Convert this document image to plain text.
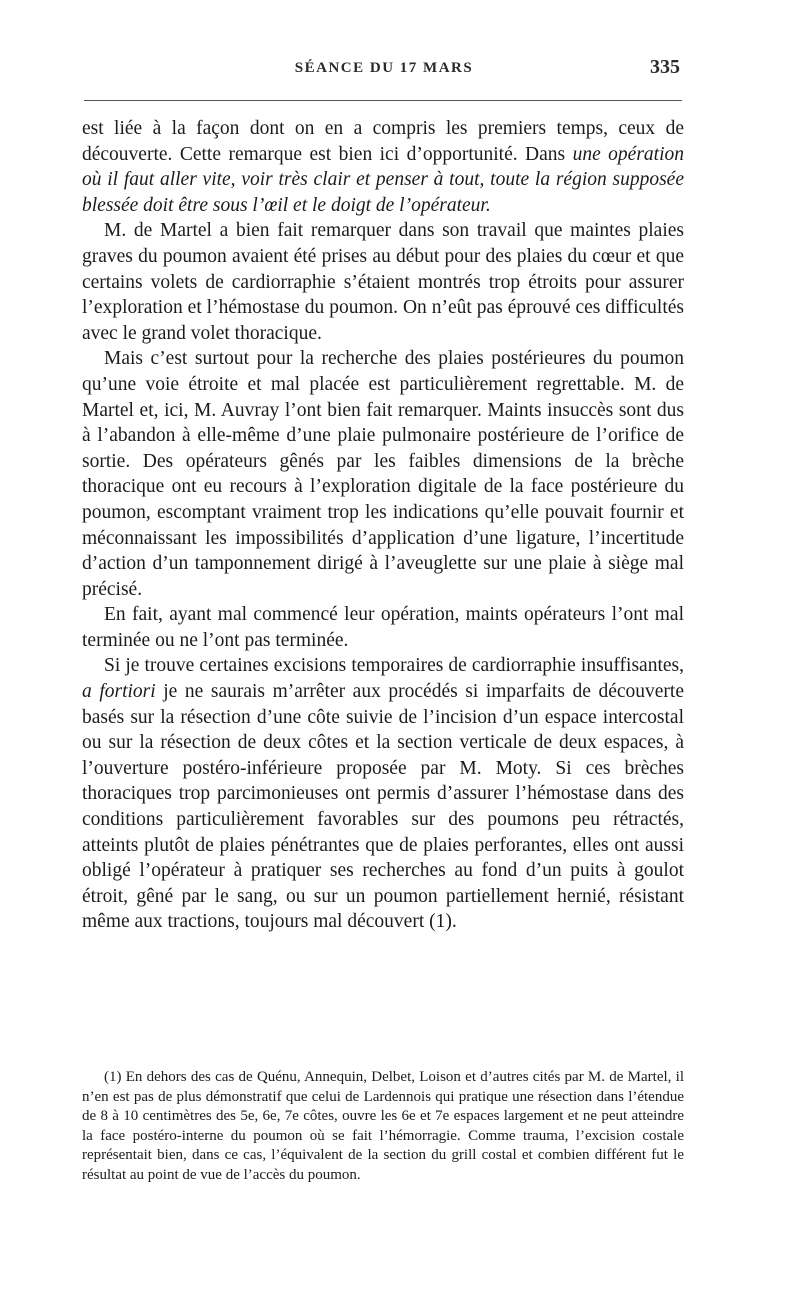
SÉANCE DU 17 MARS	335

est liée à la façon dont on en a compris les premiers temps, ceux de découverte. Cette remarque est bien ici d’opportunité. Dans une opération où il faut aller vite, voir très clair et penser à tout, toute la région supposée blessée doit être sous l’œil et le doigt de l’opérateur.

M. de Martel a bien fait remarquer dans son travail que maintes plaies graves du poumon avaient été prises au début pour des plaies du cœur et que certains volets de cardiorraphie s’étaient montrés trop étroits pour assurer l’exploration et l’hémostase du poumon. On n’eût pas éprouvé ces difficultés avec le grand volet thoracique.

Mais c’est surtout pour la recherche des plaies postérieures du poumon qu’une voie étroite et mal placée est particulièrement regrettable. M. de Martel et, ici, M. Auvray l’ont bien fait remarquer. Maints insuccès sont dus à l’abandon à elle-même d’une plaie pulmonaire postérieure de l’orifice de sortie. Des opérateurs gênés par les faibles dimensions de la brèche thoracique ont eu recours à l’exploration digitale de la face postérieure du poumon, escomptant vraiment trop les indications qu’elle pouvait fournir et méconnaissant les impossibilités d’application d’une ligature, l’incertitude d’action d’un tamponnement dirigé à l’aveuglette sur une plaie à siège mal précisé.

En fait, ayant mal commencé leur opération, maints opérateurs l’ont mal terminée ou ne l’ont pas terminée.

Si je trouve certaines excisions temporaires de cardiorraphie insuffisantes, a fortiori je ne saurais m’arrêter aux procédés si imparfaits de découverte basés sur la résection d’une côte suivie de l’incision d’un espace intercostal ou sur la résection de deux côtes et la section verticale de deux espaces, à l’ouverture postéro-inférieure proposée par M. Moty. Si ces brèches thoraciques trop parcimonieuses ont permis d’assurer l’hémostase dans des conditions particulièrement favorables sur des poumons peu rétractés, atteints plutôt de plaies pénétrantes que de plaies perforantes, elles ont aussi obligé l’opérateur à pratiquer ses recherches au fond d’un puits à goulot étroit, gêné par le sang, ou sur un poumon partiellement hernié, résistant même aux tractions, toujours mal découvert (1).

(1) En dehors des cas de Quénu, Annequin, Delbet, Loison et d’autres cités par M. de Martel, il n’en est pas de plus démonstratif que celui de Lardennois qui pratique une résection dans l’étendue de 8 à 10 centimètres des 5e, 6e, 7e côtes, ouvre les 6e et 7e espaces largement et ne peut atteindre la face postéro-interne du poumon où se fait l’hémorragie. Comme trauma, l’excision costale représentait bien, dans ce cas, l’équivalent de la section du grill costal et combien différent fut le résultat au point de vue de l’accès du poumon.
